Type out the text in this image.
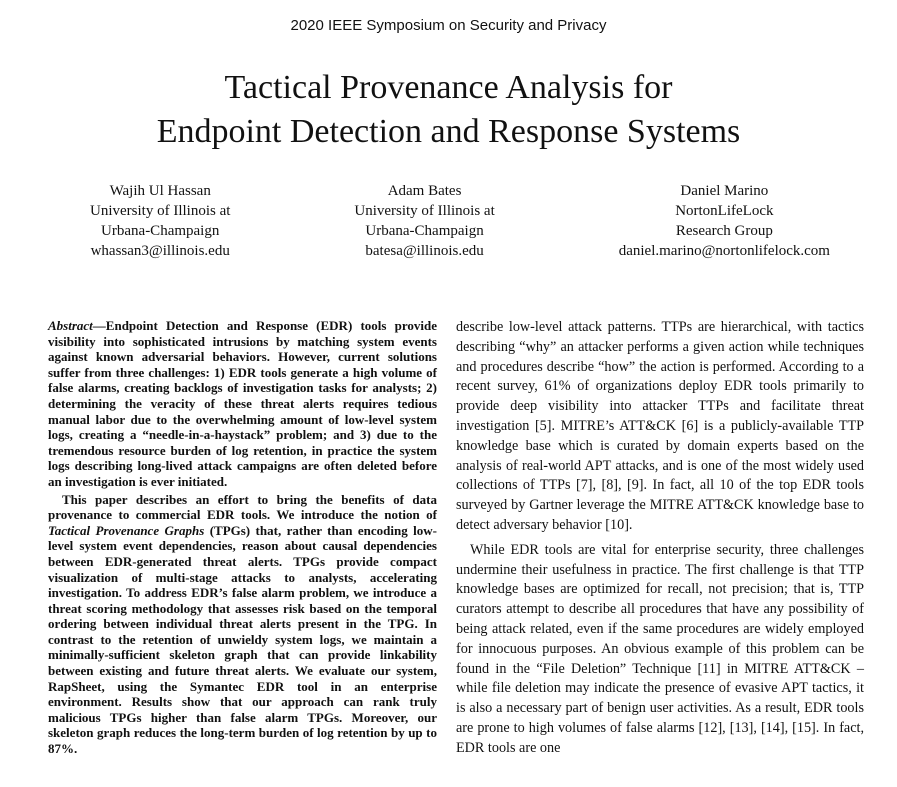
2020 IEEE Symposium on Security and Privacy
Tactical Provenance Analysis for
Endpoint Detection and Response Systems
Wajih Ul Hassan
University of Illinois at
Urbana-Champaign
whassan3@illinois.edu
Adam Bates
University of Illinois at
Urbana-Champaign
batesa@illinois.edu
Daniel Marino
NortonLifeLock
Research Group
daniel.marino@nortonlifelock.com

Abstract—Endpoint Detection and Response (EDR) tools provide visibility into sophisticated intrusions by matching system events against known adversarial behaviors. However, current solutions suffer from three challenges: 1) EDR tools generate a high volume of false alarms, creating backlogs of investigation tasks for analysts; 2) determining the veracity of these threat alerts requires tedious manual labor due to the overwhelming amount of low-level system logs, creating a “needle-in-a-haystack” problem; and 3) due to the tremendous resource burden of log retention, in practice the system logs describing long-lived attack campaigns are often deleted before an investigation is ever initiated.

This paper describes an effort to bring the benefits of data provenance to commercial EDR tools. We introduce the notion of Tactical Provenance Graphs (TPGs) that, rather than encoding low-level system event dependencies, reason about causal dependencies between EDR-generated threat alerts. TPGs provide compact visualization of multi-stage attacks to analysts, accelerating investigation. To address EDR’s false alarm problem, we introduce a threat scoring methodology that assesses risk based on the temporal ordering between individual threat alerts present in the TPG. In contrast to the retention of unwieldy system logs, we maintain a minimally-sufficient skeleton graph that can provide linkability between existing and future threat alerts. We evaluate our system, RapSheet, using the Symantec EDR tool in an enterprise environment. Results show that our approach can rank truly malicious TPGs higher than false alarm TPGs. Moreover, our skeleton graph reduces the long-term burden of log retention by up to 87%.

describe low-level attack patterns. TTPs are hierarchical, with tactics describing “why” an attacker performs a given action while techniques and procedures describe “how” the action is performed. According to a recent survey, 61% of organizations deploy EDR tools primarily to provide deep visibility into attacker TTPs and facilitate threat investigation [5]. MITRE’s ATT&CK [6] is a publicly-available TTP knowledge base which is curated by domain experts based on the analysis of real-world APT attacks, and is one of the most widely used collections of TTPs [7], [8], [9]. In fact, all 10 of the top EDR tools surveyed by Gartner leverage the MITRE ATT&CK knowledge base to detect adversary behavior [10].

While EDR tools are vital for enterprise security, three challenges undermine their usefulness in practice. The first challenge is that TTP knowledge bases are optimized for recall, not precision; that is, TTP curators attempt to describe all procedures that have any possibility of being attack related, even if the same procedures are widely employed for innocuous purposes. An obvious example of this problem can be found in the “File Deletion” Technique [11] in MITRE ATT&CK – while file deletion may indicate the presence of evasive APT tactics, it is also a necessary part of benign user activities. As a result, EDR tools are prone to high volumes of false alarms [12], [13], [14], [15]. In fact, EDR tools are one
